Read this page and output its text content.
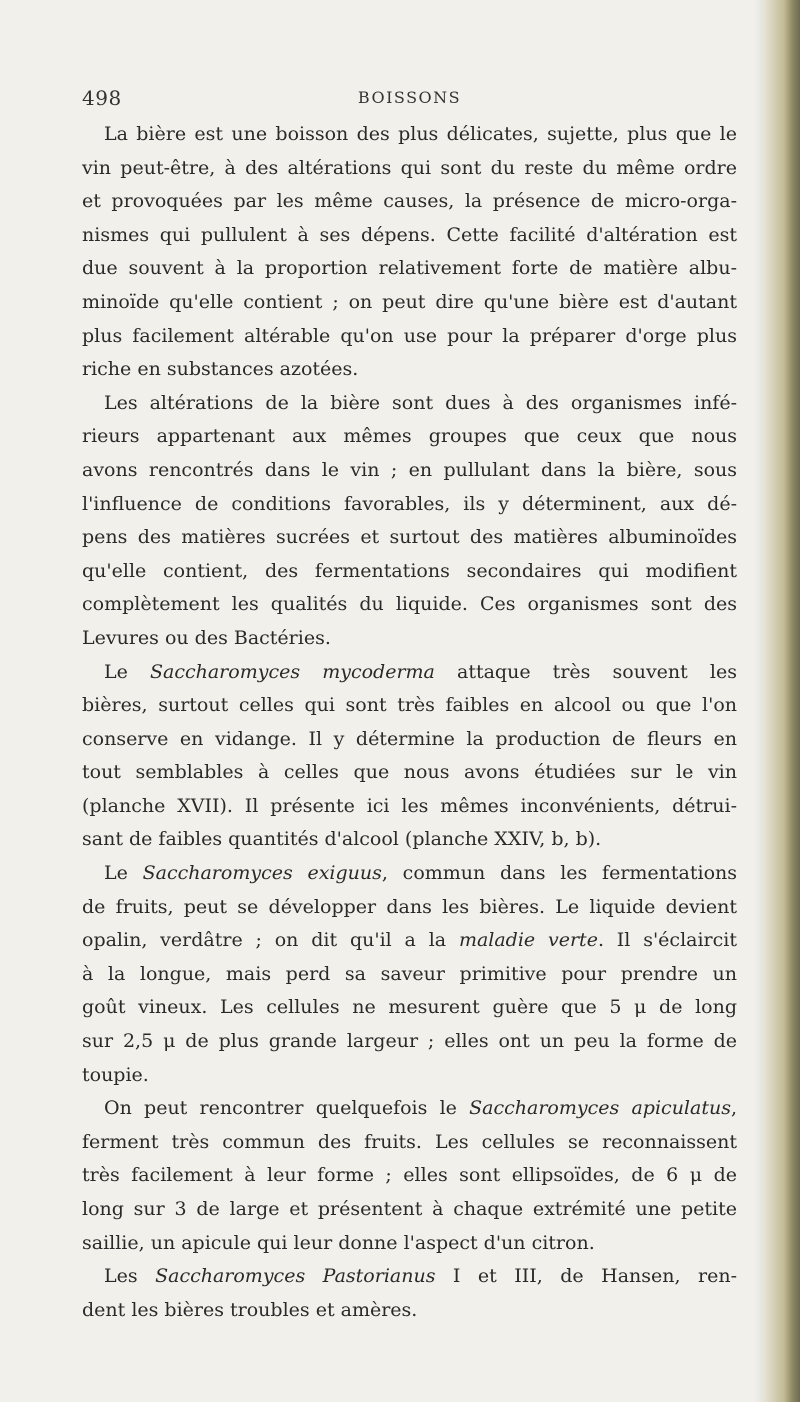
498	BOISSONS
La bière est une boisson des plus délicates, sujette, plus que le
vin peut-être, à des altérations qui sont du reste du même ordre
et provoquées par les même causes, la présence de micro-orga-
nismes qui pullulent à ses dépens. Cette facilité d'altération est
due souvent à la proportion relativement forte de matière albu-
minoïde qu'elle contient ; on peut dire qu'une bière est d'autant
plus facilement altérable qu'on use pour la préparer d'orge plus
riche en substances azotées.
Les altérations de la bière sont dues à des organismes infé-
rieurs appartenant aux mêmes groupes que ceux que nous
avons rencontrés dans le vin ; en pullulant dans la bière, sous
l'influence de conditions favorables, ils y déterminent, aux dé-
pens des matières sucrées et surtout des matières albuminoïdes
qu'elle contient, des fermentations secondaires qui modifient
complètement les qualités du liquide. Ces organismes sont des
Levures ou des Bactéries.
Le Saccharomyces mycoderma attaque très souvent les
bières, surtout celles qui sont très faibles en alcool ou que l'on
conserve en vidange. Il y détermine la production de fleurs en
tout semblables à celles que nous avons étudiées sur le vin
(planche XVII). Il présente ici les mêmes inconvénients, détrui-
sant de faibles quantités d'alcool (planche XXIV, b, b).
Le Saccharomyces exiguus, commun dans les fermentations
de fruits, peut se développer dans les bières. Le liquide devient
opalin, verdâtre ; on dit qu'il a la maladie verte. Il s'éclaircit
à la longue, mais perd sa saveur primitive pour prendre un
goût vineux. Les cellules ne mesurent guère que 5 μ de long
sur 2,5 μ de plus grande largeur ; elles ont un peu la forme de
toupie.
On peut rencontrer quelquefois le Saccharomyces apiculatus,
ferment très commun des fruits. Les cellules se reconnaissent
très facilement à leur forme ; elles sont ellipsoïdes, de 6 μ de
long sur 3 de large et présentent à chaque extrémité une petite
saillie, un apicule qui leur donne l'aspect d'un citron.
Les Saccharomyces Pastorianus I et III, de Hansen, ren-
dent les bières troubles et amères.
